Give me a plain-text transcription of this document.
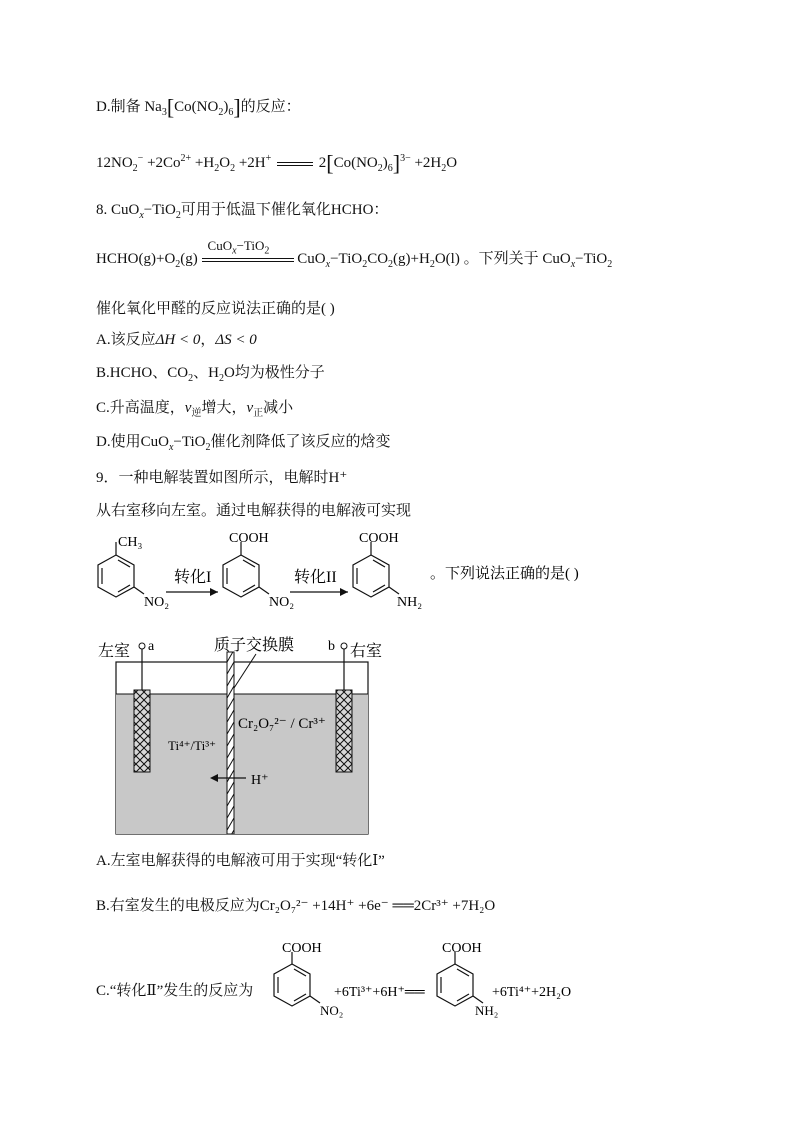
D.制备 $Na_3[Co(NO_2)_6]$的反应：
$12NO_2^- +2Co^{2+} +H_2O_2 +2H^+$	$2[Co(NO_2)_6]^{3-} +2H_2O$
8. CuO$_x$−TiO$_2$可用于低温下催化氧化HCHO：
$HCHO(g)+O_2(g)$
CuO$_x$−TiO$_2$
$CuO_x-TiO_2CO_2(g)+H_2O(l)$ 。下列关于 CuO$_x$−TiO$_2$
催化氧化甲醛的反应说法正确的是( )
A.该反应ΔH < 0，ΔS < 0
B.HCHO、$CO_2$、$H_2O$均为极性分子
C.升高温度，$v_逆$增大，$v_正$减小
D.使用CuO$_x$−TiO$_2$催化剂降低了该反应的焓变
9．一种电解装置如图所示，电解时H⁺
从右室移向左室。通过电解获得的电解液可实现
CH₃
NO₂
转化I
COOH
NO₂
转化II
COOH
NH₂
。下列说法正确的是( )
左室 a	质子交换膜 b 右室
Ti⁴⁺/Ti³⁺
Cr₂O₇²⁻ / Cr³⁺
H⁺
A.左室电解获得的电解液可用于实现“转化Ⅰ”
B.右室发生的电极反应为Cr₂O₇²⁻ +14H⁺ +6e⁻ ══2Cr³⁺ +7H₂O
C.“转化Ⅱ”发生的反应为
COOH
NO₂
+6Ti³⁺+6H⁺══
COOH
NH₂
+6Ti⁴⁺+2H₂O
